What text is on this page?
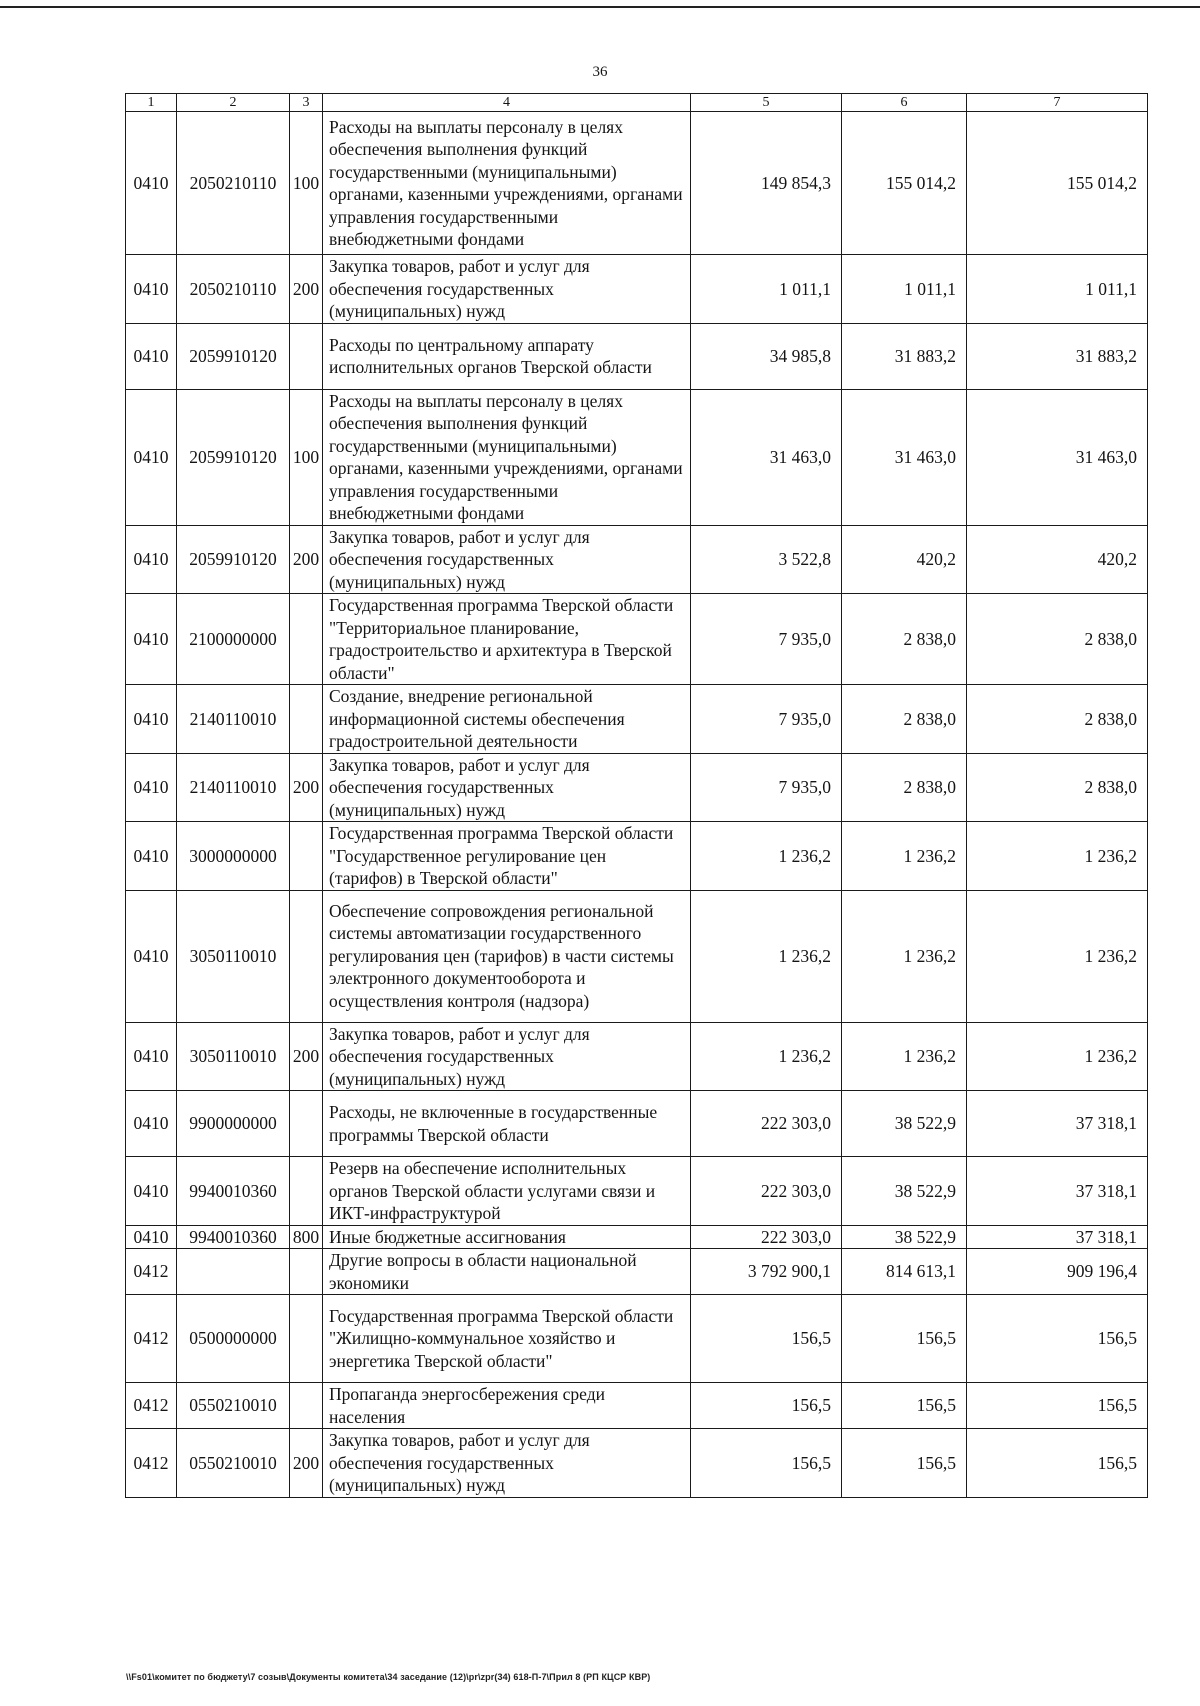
36
1	2	3	4	5	6	7
0410	2050210110	100	Расходы на выплаты персоналу в целях обеспечения выполнения функций государственными (муниципальными) органами, казенными учреждениями, органами управления государственными внебюджетными фондами	149 854,3	155 014,2	155 014,2
0410	2050210110	200	Закупка товаров, работ и услуг для обеспечения государственных (муниципальных) нужд	1 011,1	1 011,1	1 011,1
0410	2059910120		Расходы по центральному аппарату исполнительных органов Тверской области	34 985,8	31 883,2	31 883,2
0410	2059910120	100	Расходы на выплаты персоналу в целях обеспечения выполнения функций государственными (муниципальными) органами, казенными учреждениями, органами управления государственными внебюджетными фондами	31 463,0	31 463,0	31 463,0
0410	2059910120	200	Закупка товаров, работ и услуг для обеспечения государственных (муниципальных) нужд	3 522,8	420,2	420,2
0410	2100000000		Государственная программа Тверской области "Территориальное планирование, градостроительство и архитектура в Тверской области"	7 935,0	2 838,0	2 838,0
0410	2140110010		Создание, внедрение региональной информационной системы обеспечения градостроительной деятельности	7 935,0	2 838,0	2 838,0
0410	2140110010	200	Закупка товаров, работ и услуг для обеспечения государственных (муниципальных) нужд	7 935,0	2 838,0	2 838,0
0410	3000000000		Государственная программа Тверской области "Государственное регулирование цен (тарифов) в Тверской области"	1 236,2	1 236,2	1 236,2
0410	3050110010		Обеспечение сопровождения региональной системы автоматизации государственного регулирования цен (тарифов) в части системы электронного документооборота и осуществления контроля (надзора)	1 236,2	1 236,2	1 236,2
0410	3050110010	200	Закупка товаров, работ и услуг для обеспечения государственных (муниципальных) нужд	1 236,2	1 236,2	1 236,2
0410	9900000000		Расходы, не включенные в государственные программы Тверской области	222 303,0	38 522,9	37 318,1
0410	9940010360		Резерв на обеспечение исполнительных органов Тверской области услугами связи и ИКТ-инфраструктурой	222 303,0	38 522,9	37 318,1
0410	9940010360	800	Иные бюджетные ассигнования	222 303,0	38 522,9	37 318,1
0412			Другие вопросы в области национальной экономики	3 792 900,1	814 613,1	909 196,4
0412	0500000000		Государственная программа Тверской области "Жилищно-коммунальное хозяйство и энергетика Тверской области"	156,5	156,5	156,5
0412	0550210010		Пропаганда энергосбережения среди населения	156,5	156,5	156,5
0412	0550210010	200	Закупка товаров, работ и услуг для обеспечения государственных (муниципальных) нужд	156,5	156,5	156,5
\\Fs01\комитет по бюджету\7 созыв\Документы комитета\34 заседание (12)\pr\zpr(34) 618-П-7\Прил 8 (РП КЦСР КВР)
